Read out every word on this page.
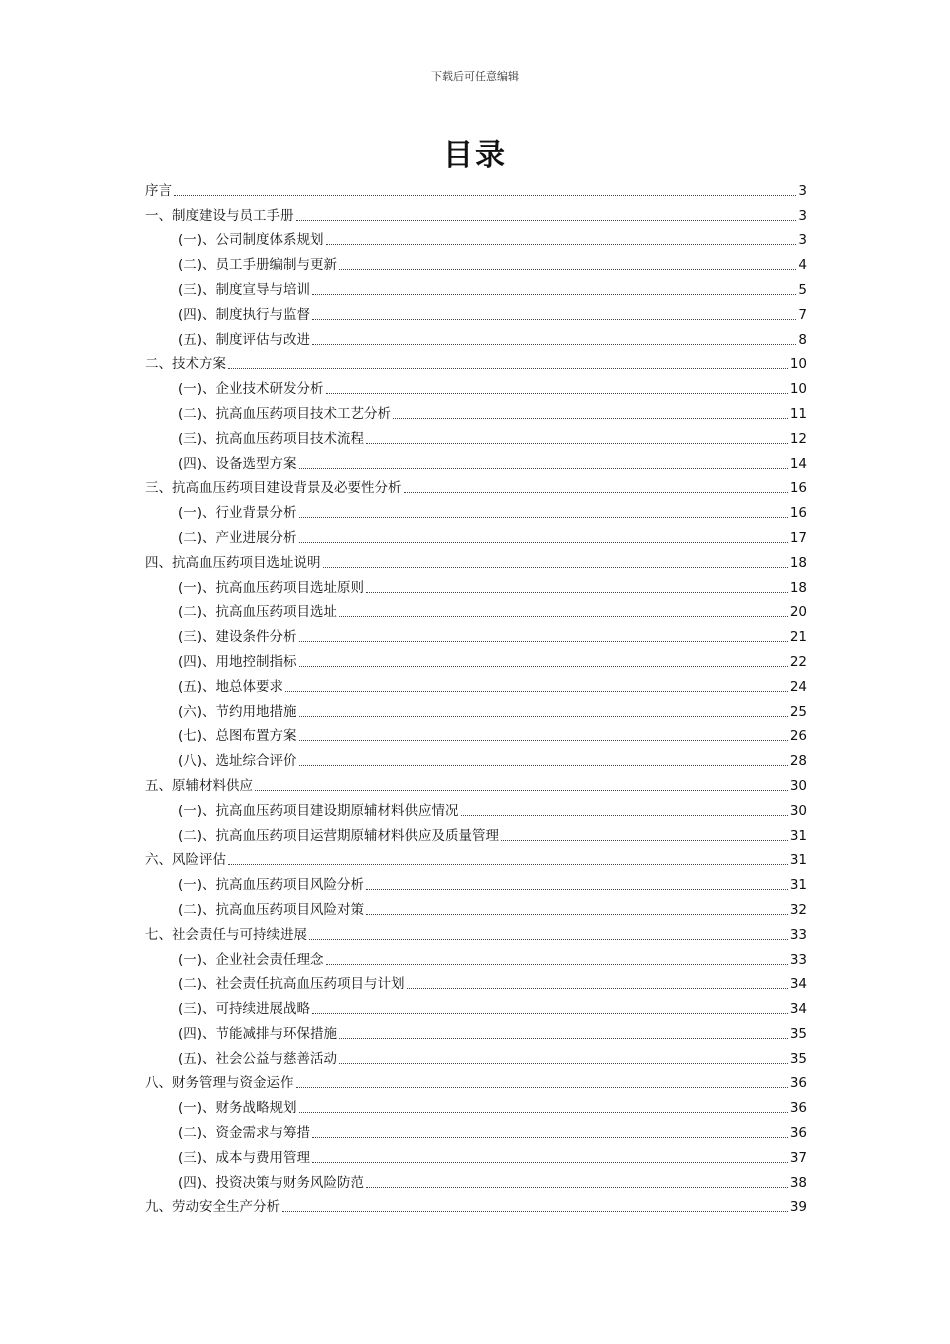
下载后可任意编辑
目录
序言	3
一、制度建设与员工手册	3
(一)、公司制度体系规划	3
(二)、员工手册编制与更新	4
(三)、制度宣导与培训	5
(四)、制度执行与监督	7
(五)、制度评估与改进	8
二、技术方案	10
(一)、企业技术研发分析	10
(二)、抗高血压药项目技术工艺分析	11
(三)、抗高血压药项目技术流程	12
(四)、设备选型方案	14
三、抗高血压药项目建设背景及必要性分析	16
(一)、行业背景分析	16
(二)、产业进展分析	17
四、抗高血压药项目选址说明	18
(一)、抗高血压药项目选址原则	18
(二)、抗高血压药项目选址	20
(三)、建设条件分析	21
(四)、用地控制指标	22
(五)、地总体要求	24
(六)、节约用地措施	25
(七)、总图布置方案	26
(八)、选址综合评价	28
五、原辅材料供应	30
(一)、抗高血压药项目建设期原辅材料供应情况	30
(二)、抗高血压药项目运营期原辅材料供应及质量管理	31
六、风险评估	31
(一)、抗高血压药项目风险分析	31
(二)、抗高血压药项目风险对策	32
七、社会责任与可持续进展	33
(一)、企业社会责任理念	33
(二)、社会责任抗高血压药项目与计划	34
(三)、可持续进展战略	34
(四)、节能减排与环保措施	35
(五)、社会公益与慈善活动	35
八、财务管理与资金运作	36
(一)、财务战略规划	36
(二)、资金需求与筹措	36
(三)、成本与费用管理	37
(四)、投资决策与财务风险防范	38
九、劳动安全生产分析	39
